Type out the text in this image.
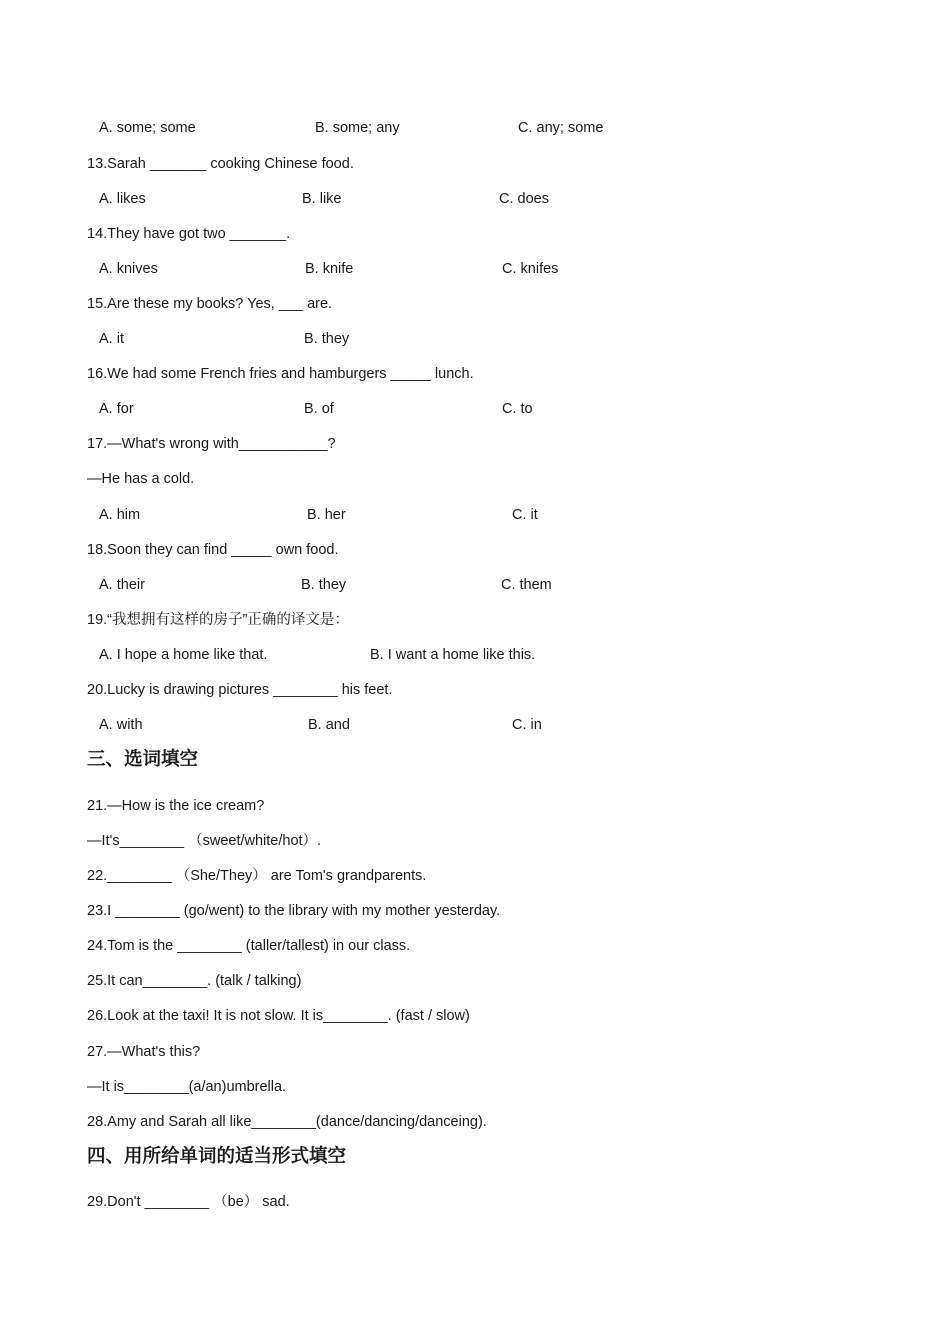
A. some; some	B. some; any	C. any; some
13.Sarah _______ cooking Chinese food.
A. likes	B. like	C. does
14.They have got two _______.
A. knives	B. knife	C. knifes
15.Are these my books? Yes, ___ are.
A. it	B. they
16.We had some French fries and hamburgers _____ lunch.
A. for	B. of	C. to
17.—What's wrong with___________?
—He has a cold.
A. him	B. her	C. it
18.Soon they can find _____ own food.
A. their	B. they	C. them
19.“我想拥有这样的房子”正确的译文是：
A. I hope a home like that.	B. I want a home like this.
20.Lucky is drawing pictures ________ his feet.
A. with	B. and	C. in
三、选词填空
21.—How is the ice cream?
—It's________ （sweet/white/hot）.
22.________ （She/They） are Tom's grandparents.
23.I ________ (go/went) to the library with my mother yesterday.
24.Tom is the ________ (taller/tallest) in our class.
25.It can________. (talk / talking)
26.Look at the taxi! It is not slow. It is________. (fast / slow)
27.—What's this?
—It is________(a/an)umbrella.
28.Amy and Sarah all like________(dance/dancing/danceing).
四、用所给单词的适当形式填空
29.Don't ________ （be） sad.
